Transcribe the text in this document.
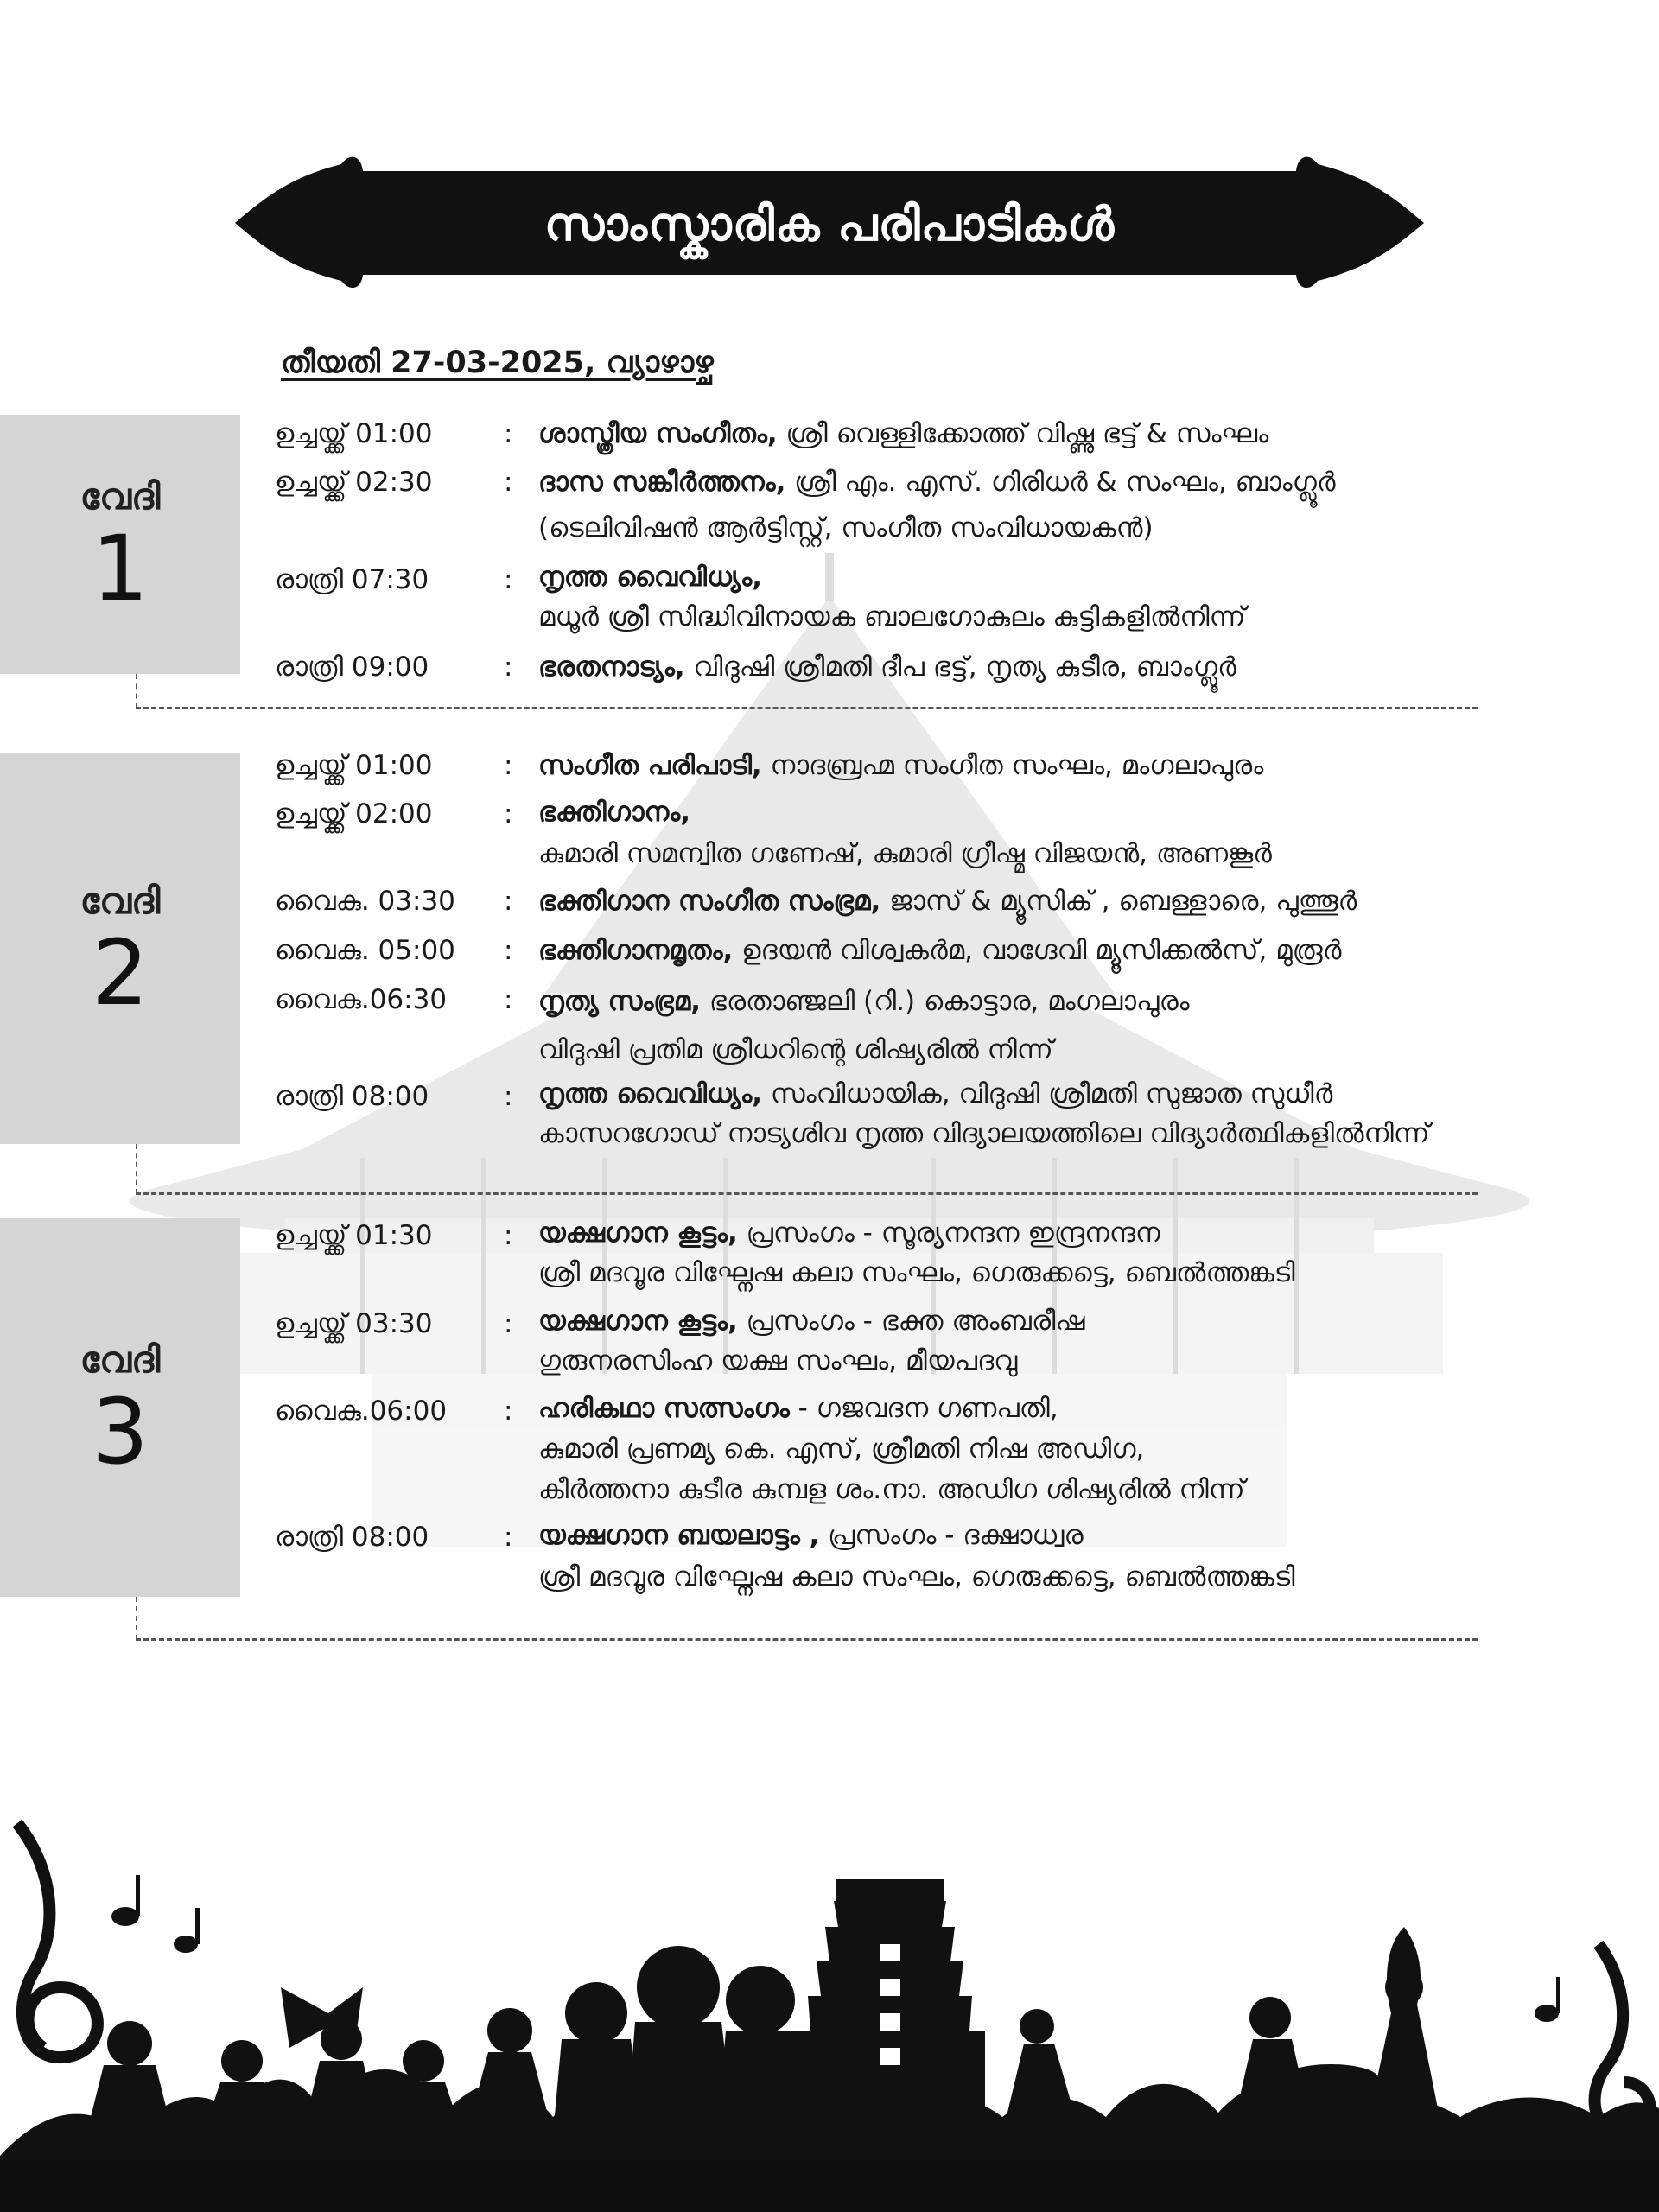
സാംസ്കാരിക പരിപാടികൾ
തീയതി 27-03-2025, വ്യാഴാഴ്ച
വേദി
1
ഉച്ചയ്ക്ക് 01:00	: ശാസ്ത്രീയ സംഗീതം, ശ്രീ വെള്ളിക്കോത്ത് വിഷ്ണു ഭട്ട് & സംഘം
ഉച്ചയ്ക്ക് 02:30	: ദാസ സങ്കീർത്തനം, ശ്രീ എം. എസ്. ഗിരിധർ & സംഘം, ബാംഗ്ലൂർ
(ടെലിവിഷൻ ആർട്ടിസ്റ്റ്, സംഗീത സംവിധായകൻ)
രാത്രി 07:30	: നൃത്ത വൈവിധ്യം,
മധൂർ ശ്രീ സിദ്ധിവിനായക ബാലഗോകുലം കുട്ടികളിൽനിന്ന്
രാത്രി 09:00	: ഭരതനാട്യം, വിദുഷി ശ്രീമതി ദീപ ഭട്ട്, നൃത്യ കുടീര, ബാംഗ്ലൂർ
വേദി
2
ഉച്ചയ്ക്ക് 01:00	: സംഗീത പരിപാടി, നാദബ്രഹ്മ സംഗീത സംഘം, മംഗലാപുരം
ഉച്ചയ്ക്ക് 02:00	: ഭക്തിഗാനം,
കുമാരി സമന്വിത ഗണേഷ്, കുമാരി ഗ്രീഷ്മ വിജയൻ, അണങ്കൂർ
വൈകു. 03:30	: ഭക്തിഗാന സംഗീത സംഭ്രമ, ജാസ് & മ്യൂസിക് , ബെള്ളാരെ, പുത്തൂർ
വൈകു. 05:00	: ഭക്തിഗാനമൃതം, ഉദയൻ വിശ്വകർമ, വാഗ്ദേവി മ്യൂസിക്കൽസ്, മുരൂർ
വൈകു.06:30	: നൃത്യ സംഭ്രമ, ഭരതാഞ്ജലി (റി.) കൊട്ടാര, മംഗലാപുരം
വിദുഷി പ്രതിമ ശ്രീധറിന്റെ ശിഷ്യരിൽ നിന്ന്
രാത്രി 08:00	: നൃത്ത വൈവിധ്യം, സംവിധായിക, വിദുഷി ശ്രീമതി സുജാത സുധീർ
കാസറഗോഡ് നാട്യശിവ നൃത്ത വിദ്യാലയത്തിലെ വിദ്യാർത്ഥികളിൽനിന്ന്
വേദി
3
ഉച്ചയ്ക്ക് 01:30	: യക്ഷഗാന കൂട്ടം, പ്രസംഗം - സൂര്യനന്ദന ഇന്ദ്രനന്ദന
ശ്രീ മദവൂര വിഘ്നേഷ കലാ സംഘം, ഗെരുക്കട്ടെ, ബെൽത്തങ്കടി
ഉച്ചയ്ക്ക് 03:30	: യക്ഷഗാന കൂട്ടം, പ്രസംഗം - ഭക്ത അംബരീഷ
ഗുരുനരസിംഹ യക്ഷ സംഘം, മീയപദവു
വൈകു.06:00	: ഹരികഥാ സത്സംഗം - ഗജവദന ഗണപതി,
കുമാരി പ്രണമ്യ കെ. എസ്, ശ്രീമതി നിഷ അഡിഗ,
കീർത്തനാ കുടീര കുമ്പള ശം.നാ. അഡിഗ ശിഷ്യരിൽ നിന്ന്
രാത്രി 08:00	: യക്ഷഗാന ബയലാട്ടം , പ്രസംഗം - ദക്ഷാധ്വര
ശ്രീ മദവൂര വിഘ്നേഷ കലാ സംഘം, ഗെരുക്കട്ടെ, ബെൽത്തങ്കടി
